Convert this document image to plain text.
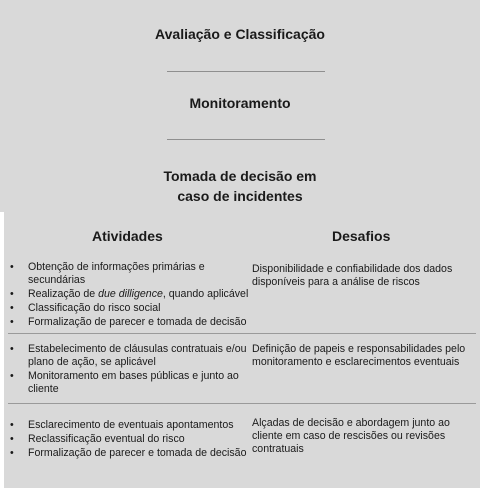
Avaliação e Classificação
Monitoramento
Tomada de decisão em
caso de incidentes
Atividades	Desafios
• Obtenção de informações primárias e secundárias
• Realização de due dilligence, quando aplicável
• Classificação do risco social
• Formalização de parecer e tomada de decisão
Disponibilidade e confiabilidade dos dados disponíveis para a análise de riscos
• Estabelecimento de cláusulas contratuais e/ou plano de ação, se aplicável
• Monitoramento em bases públicas e junto ao cliente
Definição de papeis e responsabilidades pelo monitoramento e esclarecimentos eventuais
• Esclarecimento de eventuais apontamentos
• Reclassificação eventual do risco
• Formalização de parecer e tomada de decisão
Alçadas de decisão e abordagem junto ao cliente em caso de rescisões ou revisões contratuais
